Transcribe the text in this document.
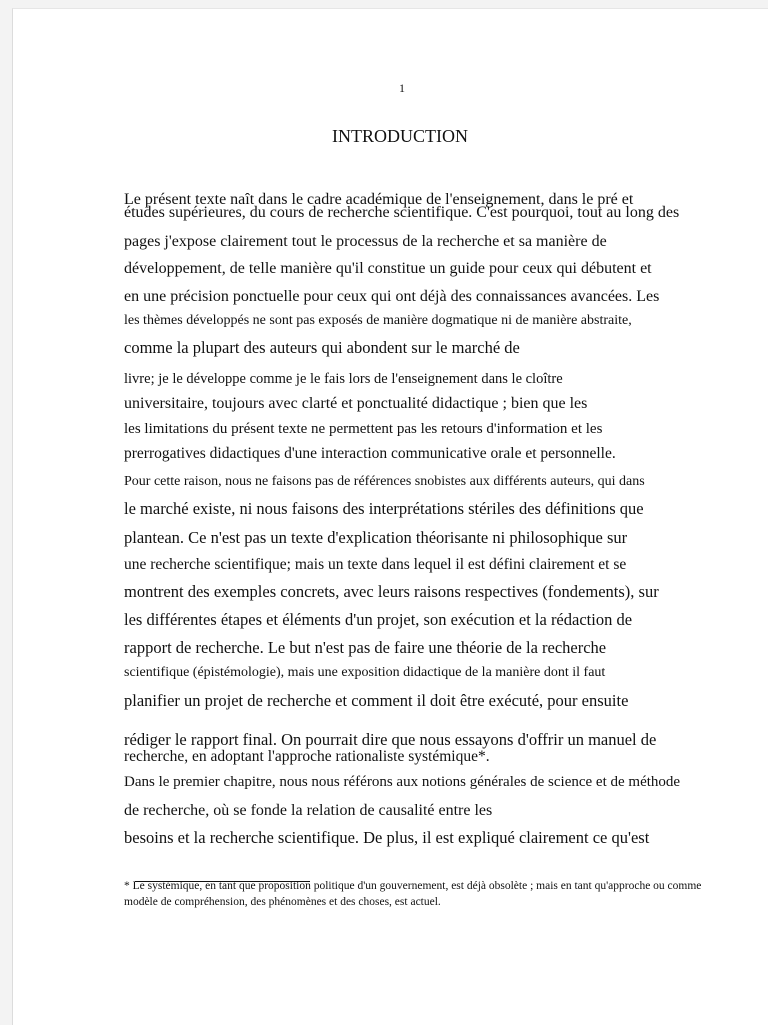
1
INTRODUCTION
Le présent texte naît dans le cadre académique de l'enseignement, dans le pré et
études supérieures, du cours de recherche scientifique. C'est pourquoi, tout au long des
pages j'expose clairement tout le processus de la recherche et sa manière de
développement, de telle manière qu'il constitue un guide pour ceux qui débutent et
en une précision ponctuelle pour ceux qui ont déjà des connaissances avancées. Les
les thèmes développés ne sont pas exposés de manière dogmatique ni de manière abstraite,
comme la plupart des auteurs qui abondent sur le marché de
livre; je le développe comme je le fais lors de l'enseignement dans le cloître
universitaire, toujours avec clarté et ponctualité didactique ; bien que les
les limitations du présent texte ne permettent pas les retours d'information et les
prerrogatives didactiques d'une interaction communicative orale et personnelle.
Pour cette raison, nous ne faisons pas de références snobistes aux différents auteurs, qui dans
le marché existe, ni nous faisons des interprétations stériles des définitions que
plantean. Ce n'est pas un texte d'explication théorisante ni philosophique sur
une recherche scientifique; mais un texte dans lequel il est défini clairement et se
montrent des exemples concrets, avec leurs raisons respectives (fondements), sur
les différentes étapes et éléments d'un projet, son exécution et la rédaction de
rapport de recherche. Le but n'est pas de faire une théorie de la recherche
scientifique (épistémologie), mais une exposition didactique de la manière dont il faut
planifier un projet de recherche et comment il doit être exécuté, pour ensuite
rédiger le rapport final. On pourrait dire que nous essayons d'offrir un manuel de
recherche, en adoptant l'approche rationaliste systémique*.
Dans le premier chapitre, nous nous référons aux notions générales de science et de méthode
de recherche, où se fonde la relation de causalité entre les
besoins et la recherche scientifique. De plus, il est expliqué clairement ce qu'est
* Le systémique, en tant que proposition politique d'un gouvernement, est déjà obsolète ; mais en tant qu'approche ou comme
modèle de compréhension, des phénomènes et des choses, est actuel.
